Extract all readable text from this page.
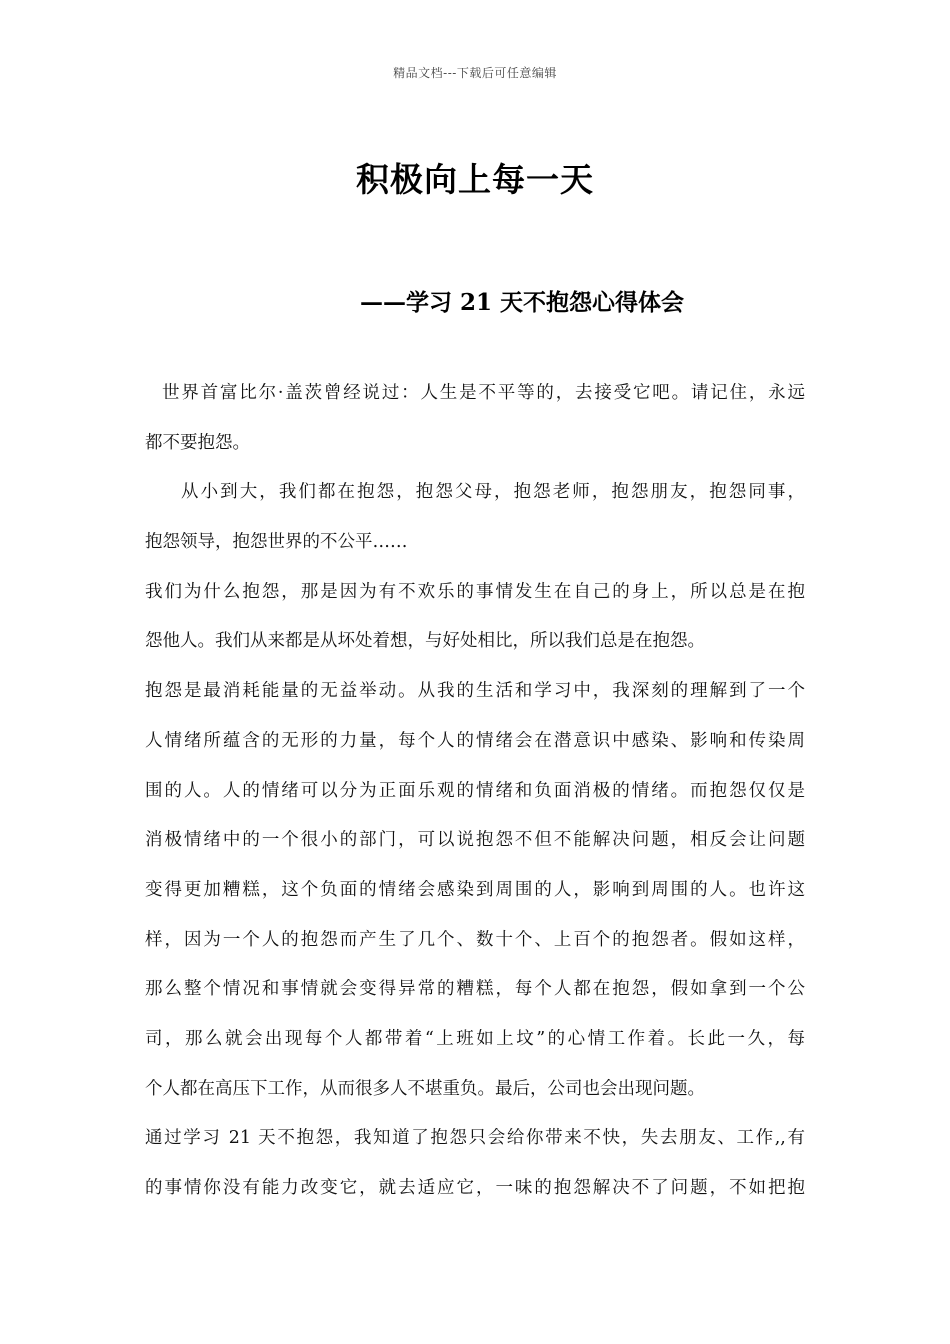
精品文档---下载后可任意编辑
积极向上每一天
——学习 21 天不抱怨心得体会
世界首富比尔·盖茨曾经说过：人生是不平等的，去接受它吧。请记住，永远
都不要抱怨。
从小到大，我们都在抱怨，抱怨父母，抱怨老师，抱怨朋友，抱怨同事，
抱怨领导，抱怨世界的不公平……
我们为什么抱怨，那是因为有不欢乐的事情发生在自己的身上，所以总是在抱
怨他人。我们从来都是从坏处着想，与好处相比，所以我们总是在抱怨。
抱怨是最消耗能量的无益举动。从我的生活和学习中，我深刻的理解到了一个
人情绪所蕴含的无形的力量，每个人的情绪会在潜意识中感染、影响和传染周
围的人。人的情绪可以分为正面乐观的情绪和负面消极的情绪。而抱怨仅仅是
消极情绪中的一个很小的部门，可以说抱怨不但不能解决问题，相反会让问题
变得更加糟糕，这个负面的情绪会感染到周围的人，影响到周围的人。也许这
样，因为一个人的抱怨而产生了几个、数十个、上百个的抱怨者。假如这样，
那么整个情况和事情就会变得异常的糟糕，每个人都在抱怨，假如拿到一个公
司，那么就会出现每个人都带着“上班如上坟”的心情工作着。长此一久，每
个人都在高压下工作，从而很多人不堪重负。最后，公司也会出现问题。
通过学习 21 天不抱怨，我知道了抱怨只会给你带来不快，失去朋友、工作,,有
的事情你没有能力改变它，就去适应它，一味的抱怨解决不了问题，不如把抱
